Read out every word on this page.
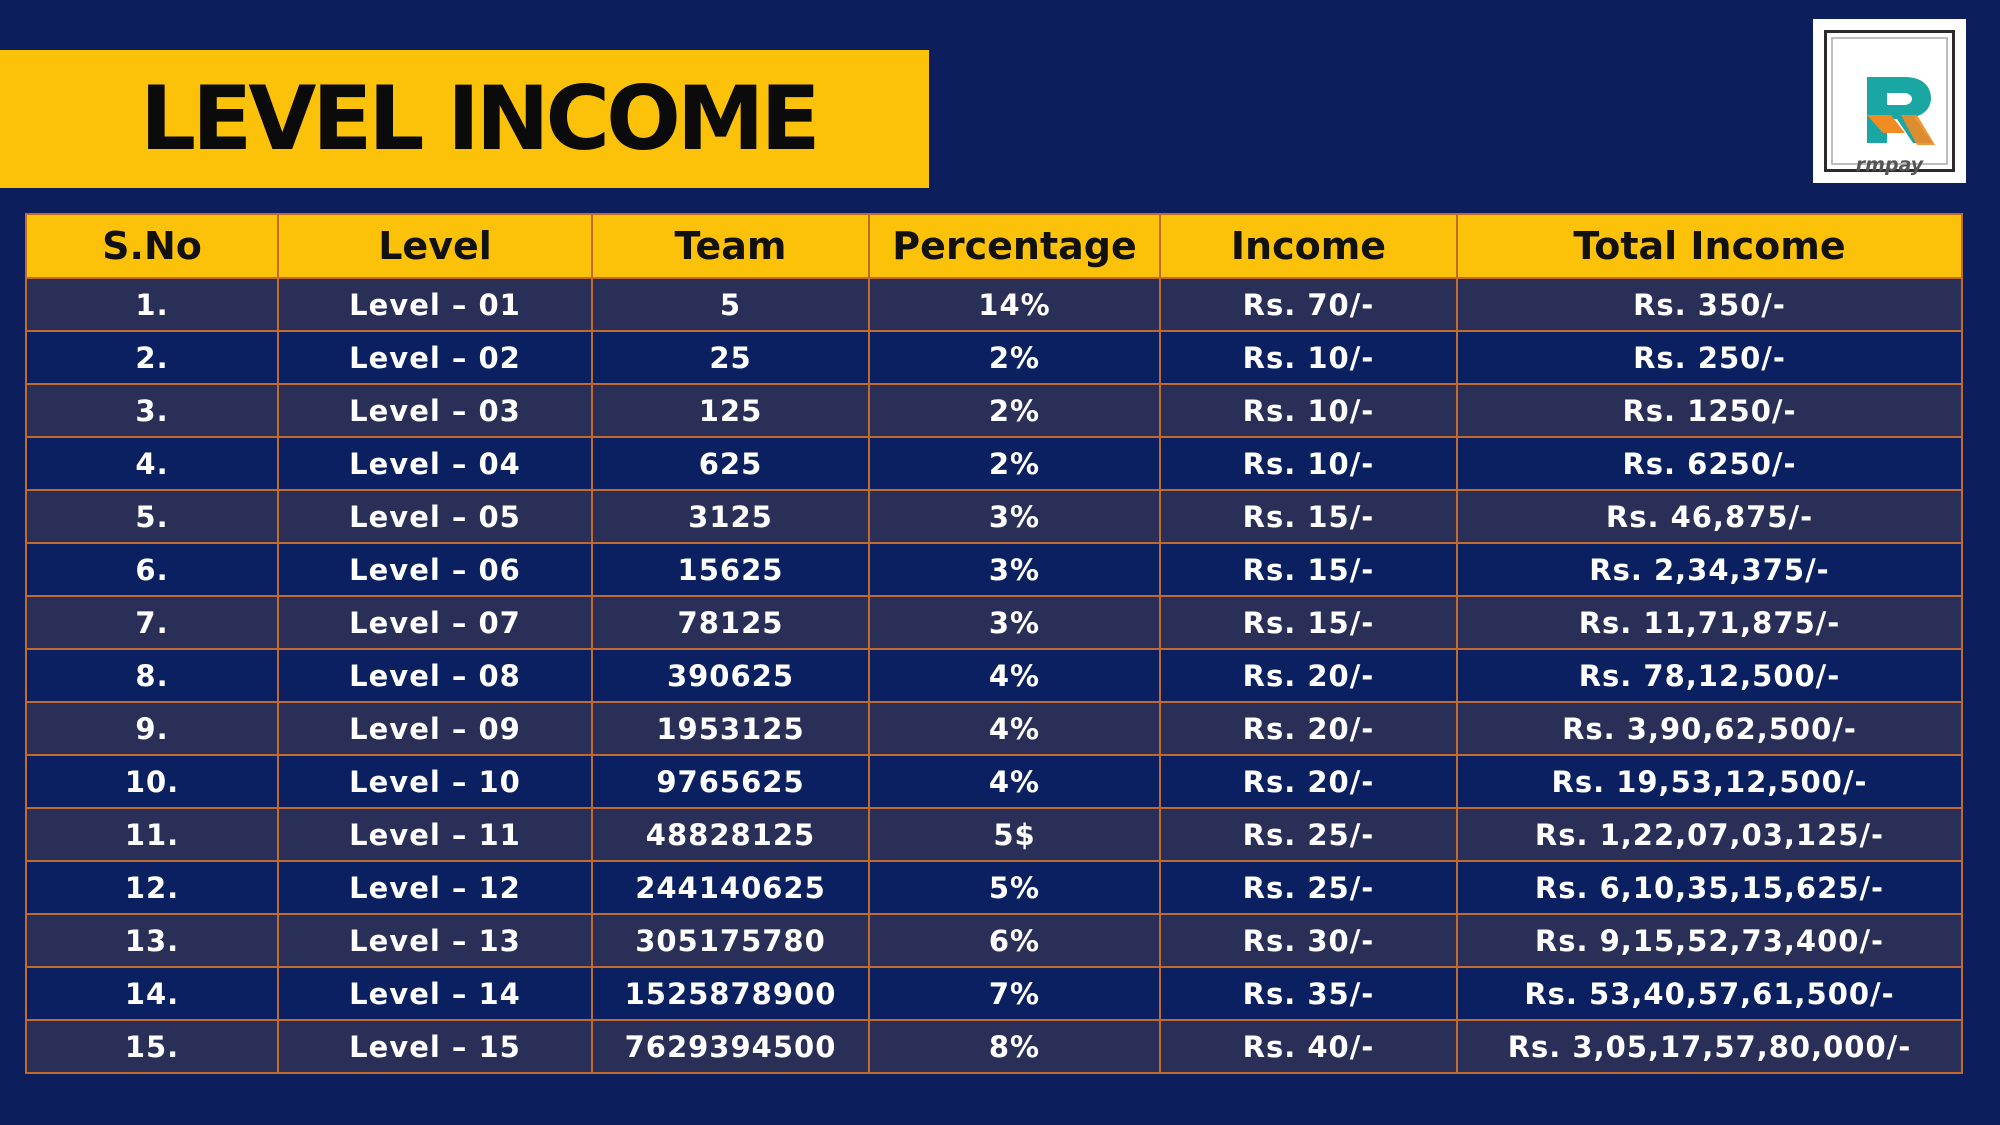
LEVEL INCOME	rmpay
S.No	Level	Team	Percentage	Income	Total Income
1.	Level – 01	5	14%	Rs. 70/-	Rs. 350/-
2.	Level – 02	25	2%	Rs. 10/-	Rs. 250/-
3.	Level – 03	125	2%	Rs. 10/-	Rs. 1250/-
4.	Level – 04	625	2%	Rs. 10/-	Rs. 6250/-
5.	Level – 05	3125	3%	Rs. 15/-	Rs. 46,875/-
6.	Level – 06	15625	3%	Rs. 15/-	Rs. 2,34,375/-
7.	Level – 07	78125	3%	Rs. 15/-	Rs. 11,71,875/-
8.	Level – 08	390625	4%	Rs. 20/-	Rs. 78,12,500/-
9.	Level – 09	1953125	4%	Rs. 20/-	Rs. 3,90,62,500/-
10.	Level – 10	9765625	4%	Rs. 20/-	Rs. 19,53,12,500/-
11.	Level – 11	48828125	5$	Rs. 25/-	Rs. 1,22,07,03,125/-
12.	Level – 12	244140625	5%	Rs. 25/-	Rs. 6,10,35,15,625/-
13.	Level – 13	305175780	6%	Rs. 30/-	Rs. 9,15,52,73,400/-
14.	Level – 14	1525878900	7%	Rs. 35/-	Rs. 53,40,57,61,500/-
15.	Level – 15	7629394500	8%	Rs. 40/-	Rs. 3,05,17,57,80,000/-
